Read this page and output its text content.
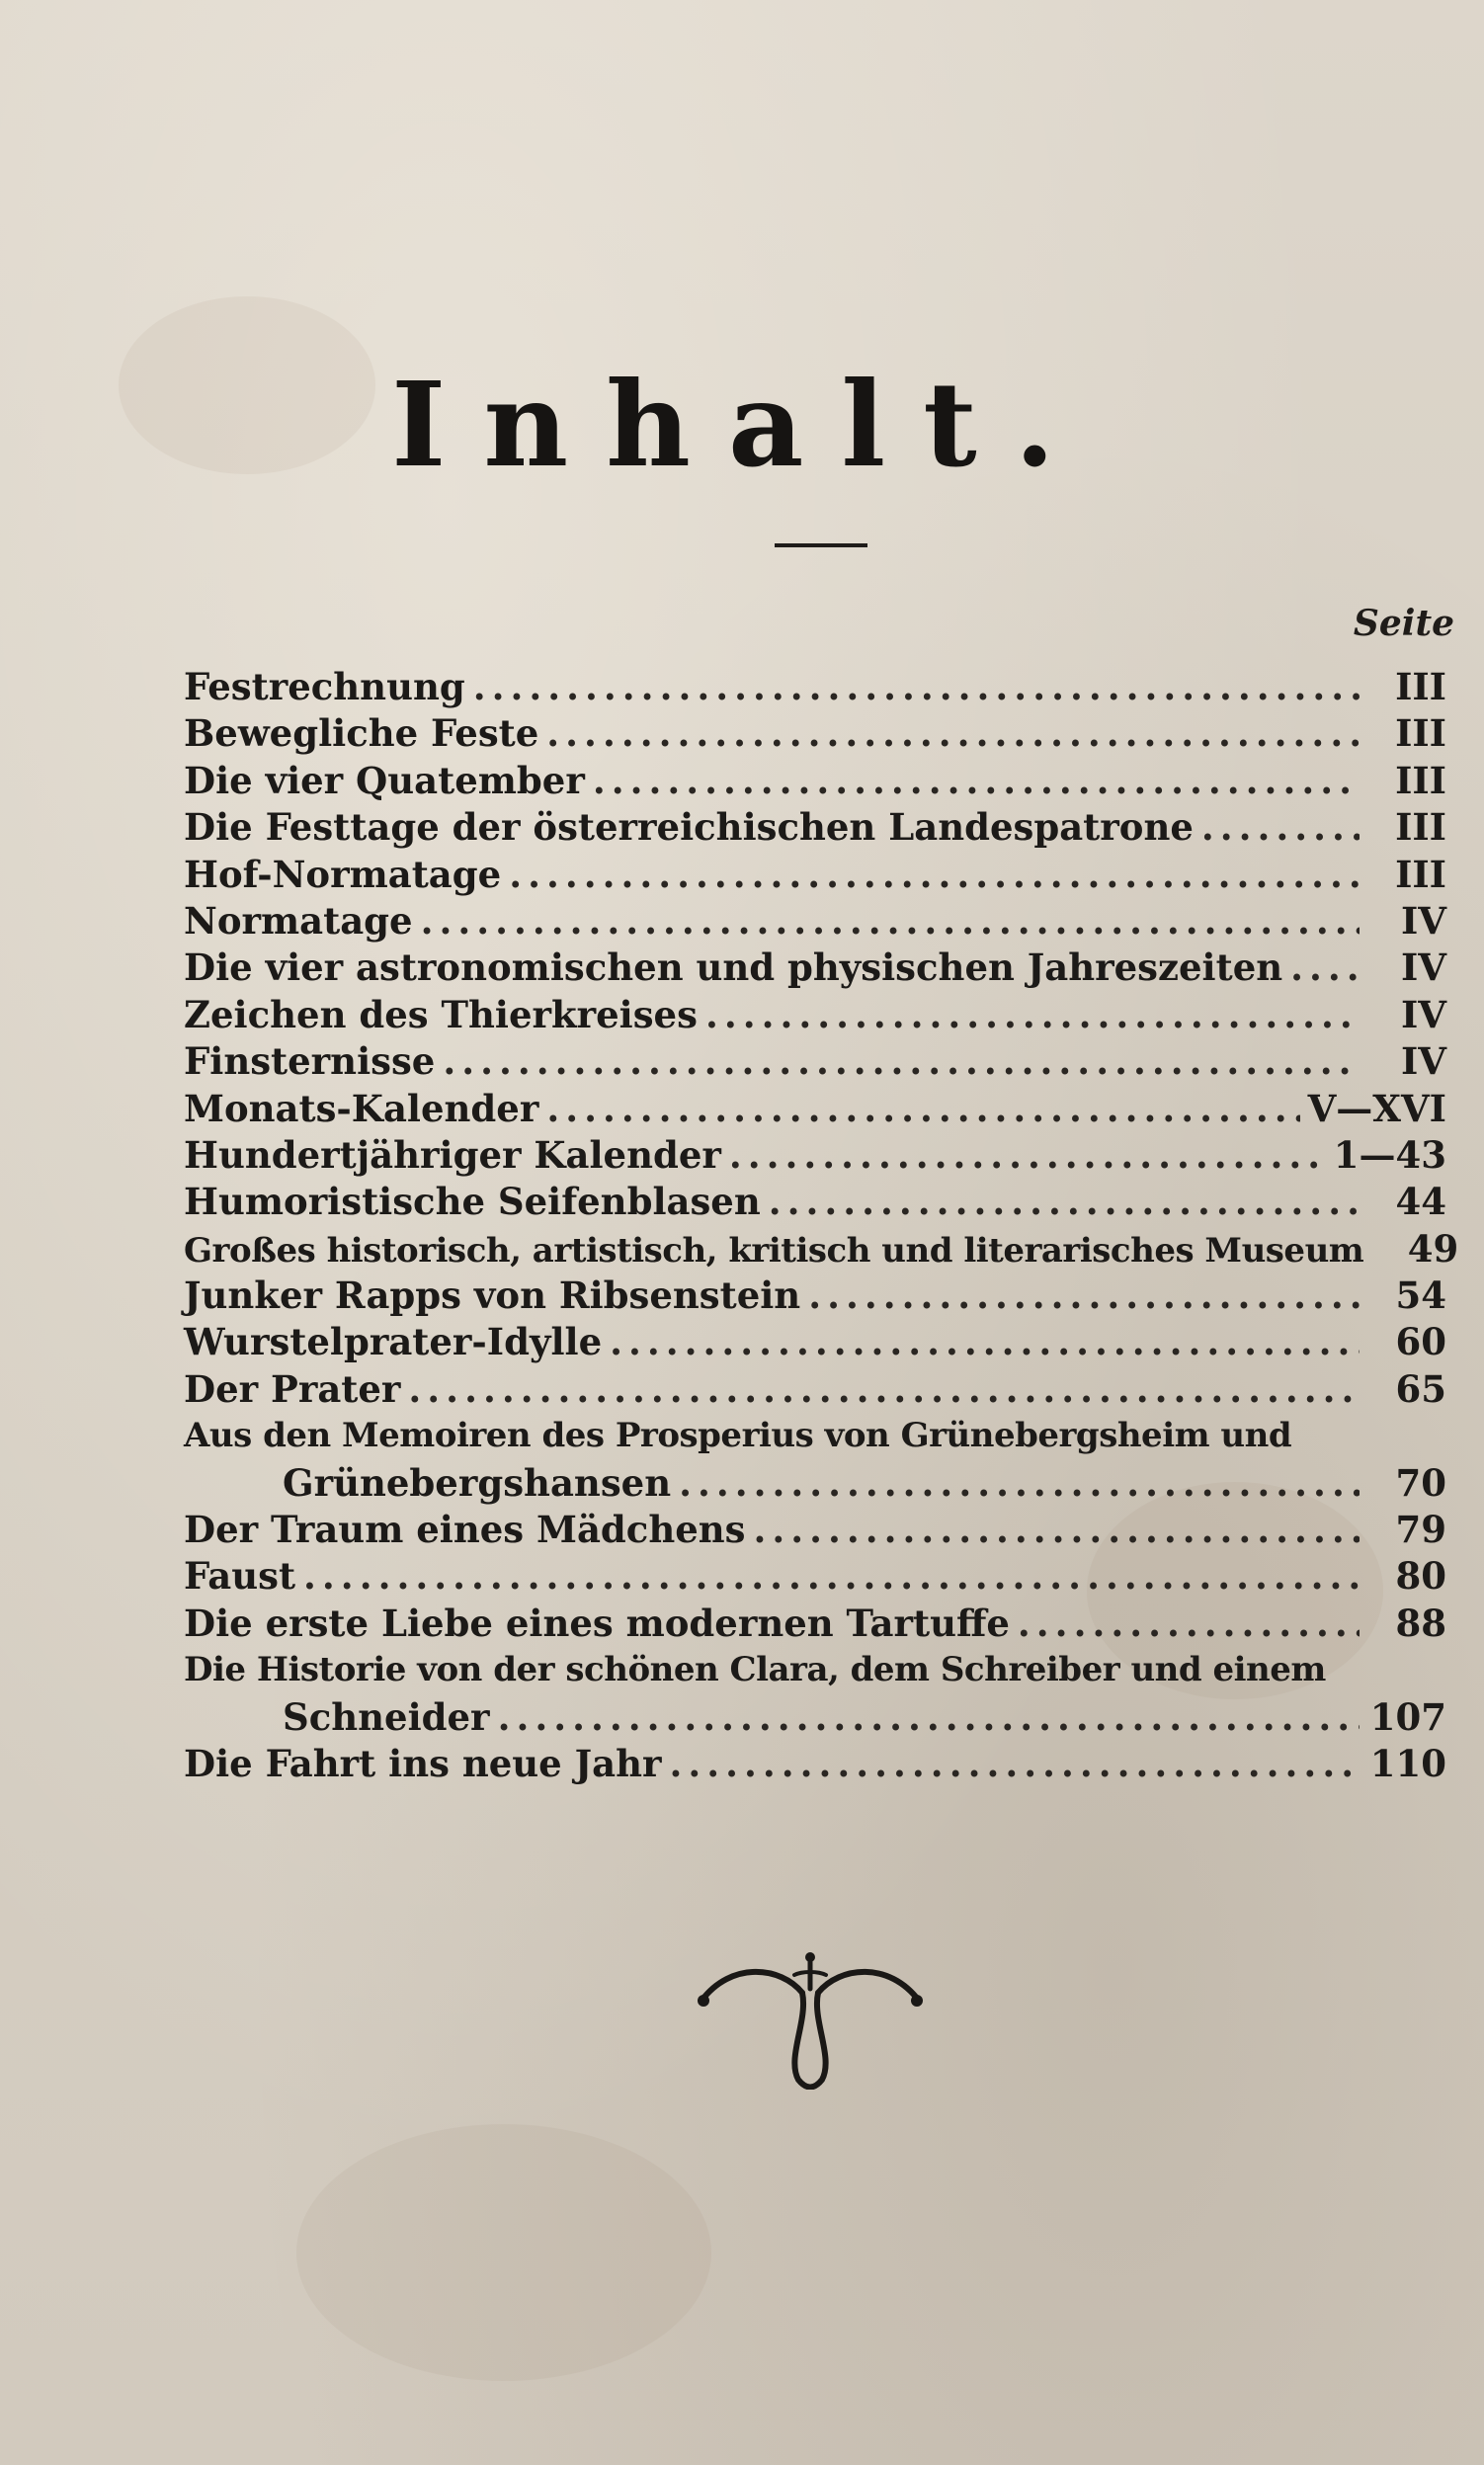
Inhalt.
Seite
Festrechnung .....	III
Bewegliche Feste .....	III
Die vier Quatember .....	III
Die Festtage der österreichischen Landespatrone .....	III
Hof-Normatage .....	III
Normatage .....	IV
Die vier astronomischen und physischen Jahreszeiten .....	IV
Zeichen des Thierkreises .....	IV
Finsternisse .....	IV
Monats-Kalender .....	V—XVI
Hundertjähriger Kalender .....	1—43
Humoristische Seifenblasen .....	44
Großes historisch, artistisch, kritisch und literarisches Museum	49
Junker Rapps von Ribsenstein .....	54
Wurstelprater-Idylle .....	60
Der Prater .....	65
Aus den Memoiren des Prosperius von Grünebergsheim und
Grünebergshansen .....	70
Der Traum eines Mädchens .....	79
Faust .....	80
Die erste Liebe eines modernen Tartuffe .....	88
Die Historie von der schönen Clara, dem Schreiber und einem
Schneider .....	107
Die Fahrt ins neue Jahr .....	110
